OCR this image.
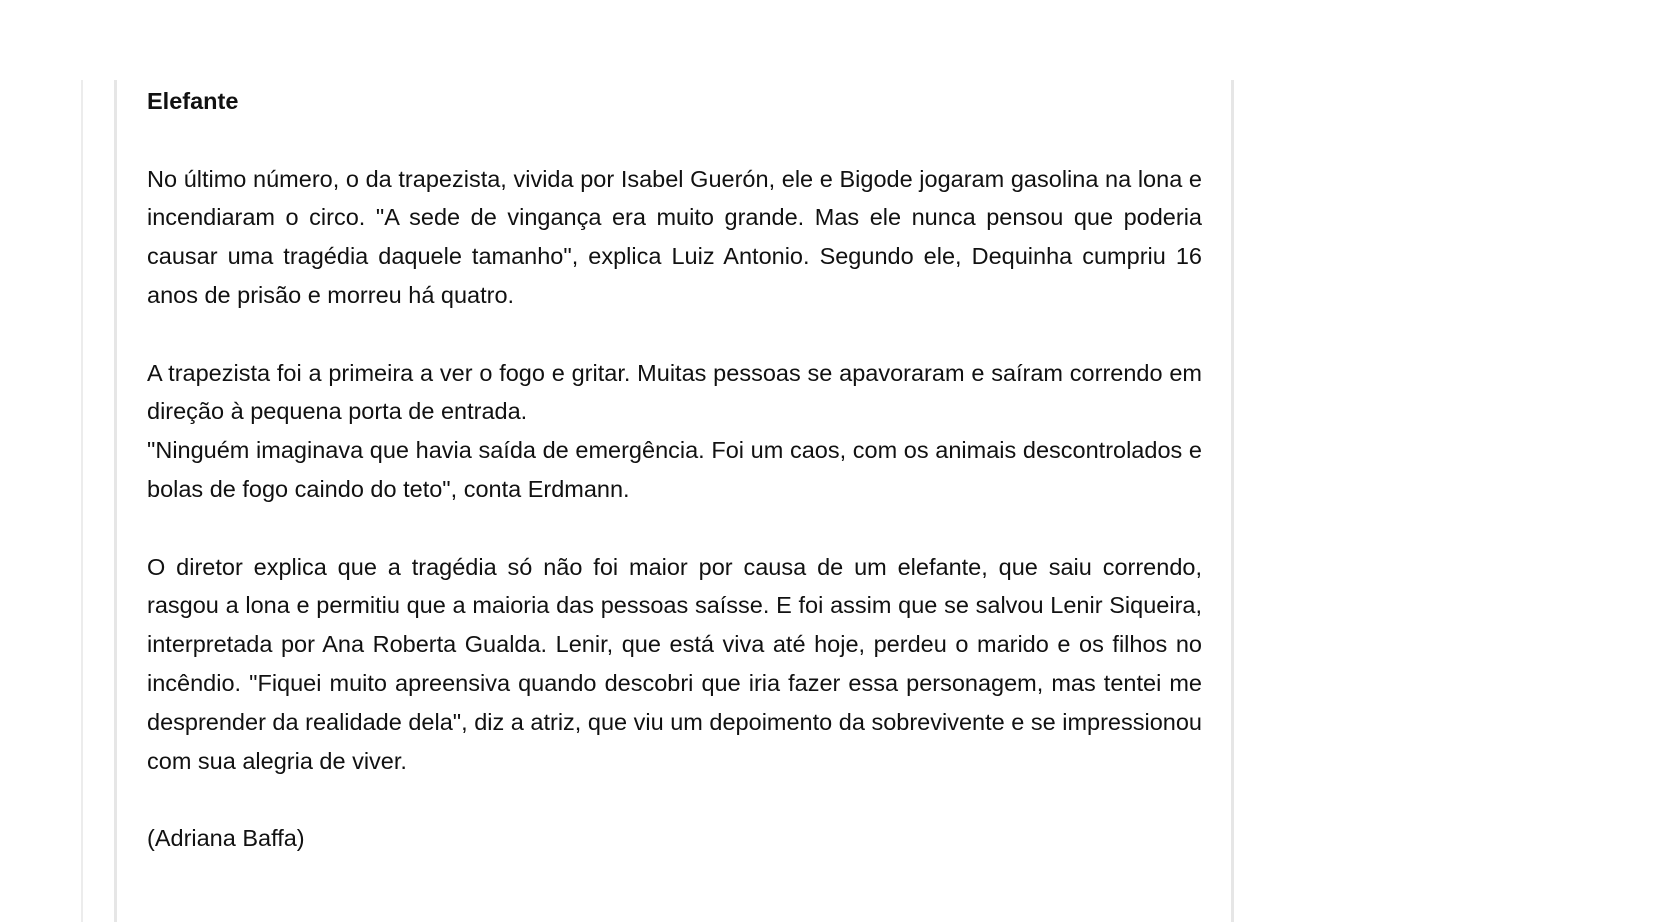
Elefante

No último número, o da trapezista, vivida por Isabel Guerón, ele e Bigode jogaram gasolina na lona e incendiaram o circo. "A sede de vingança era muito grande. Mas ele nunca pensou que poderia causar uma tragédia daquele tamanho", explica Luiz Antonio. Segundo ele, Dequinha cumpriu 16 anos de prisão e morreu há quatro.

A trapezista foi a primeira a ver o fogo e gritar. Muitas pessoas se apavoraram e saíram correndo em direção à pequena porta de entrada.

"Ninguém imaginava que havia saída de emergência. Foi um caos, com os animais descontrolados e bolas de fogo caindo do teto", conta Erdmann.

O diretor explica que a tragédia só não foi maior por causa de um elefante, que saiu correndo, rasgou a lona e permitiu que a maioria das pessoas saísse. E foi assim que se salvou Lenir Siqueira, interpretada por Ana Roberta Gualda. Lenir, que está viva até hoje, perdeu o marido e os filhos no incêndio. "Fiquei muito apreensiva quando descobri que iria fazer essa personagem, mas tentei me desprender da realidade dela", diz a atriz, que viu um depoimento da sobrevivente e se impressionou com sua alegria de viver.

(Adriana Baffa)
